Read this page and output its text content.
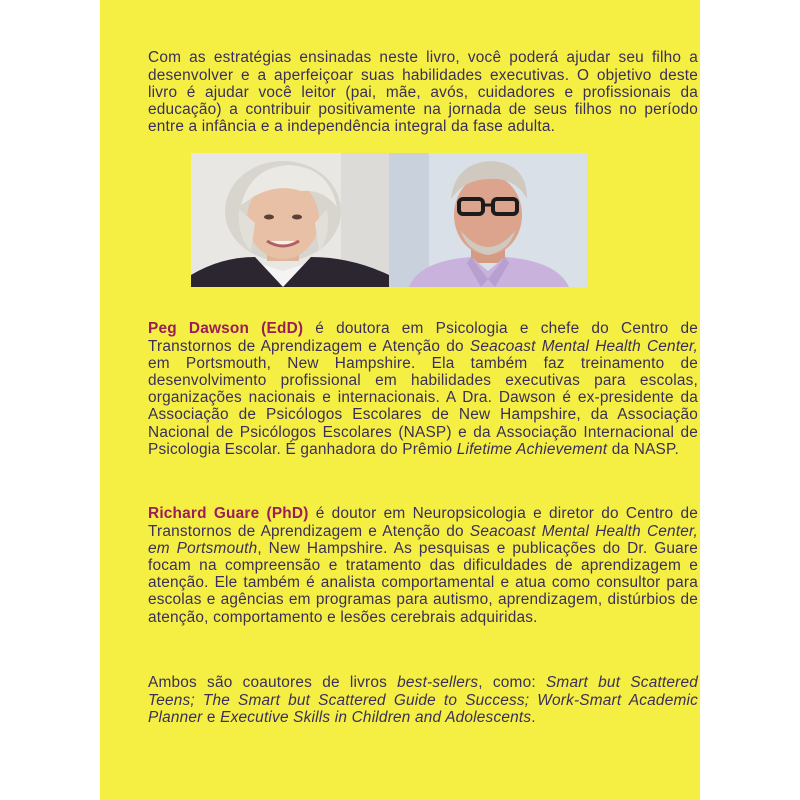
Com as estratégias ensinadas neste livro, você poderá ajudar seu filho a desenvolver e a aperfeiçoar suas habilidades executivas. O objetivo deste livro é ajudar você leitor (pai, mãe, avós, cuidadores e profissionais da educação) a contribuir positivamente na jornada de seus filhos no período entre a infância e a independência integral da fase adulta.

Peg Dawson (EdD) é doutora em Psicologia e chefe do Centro de Transtornos de Aprendizagem e Atenção do Seacoast Mental Health Center, em Portsmouth, New Hampshire. Ela também faz treinamento de desenvolvimento profissional em habilidades executivas para escolas, organizações nacionais e internacionais. A Dra. Dawson é ex-presidente da Associação de Psicólogos Escolares de New Hampshire, da Associação Nacional de Psicólogos Escolares (NASP) e da Associação Internacional de Psicologia Escolar. É ganhadora do Prêmio Lifetime Achievement da NASP.

Richard Guare (PhD) é doutor em Neuropsicologia e diretor do Centro de Transtornos de Aprendizagem e Atenção do Seacoast Mental Health Center, em Portsmouth, New Hampshire. As pesquisas e publicações do Dr. Guare focam na compreensão e tratamento das dificuldades de aprendizagem e atenção. Ele também é analista comportamental e atua como consultor para escolas e agências em programas para autismo, aprendizagem, distúrbios de atenção, comportamento e lesões cerebrais adquiridas.

Ambos são coautores de livros best-sellers, como: Smart but Scattered Teens; The Smart but Scattered Guide to Success; Work-Smart Academic Planner e Executive Skills in Children and Adolescents.
